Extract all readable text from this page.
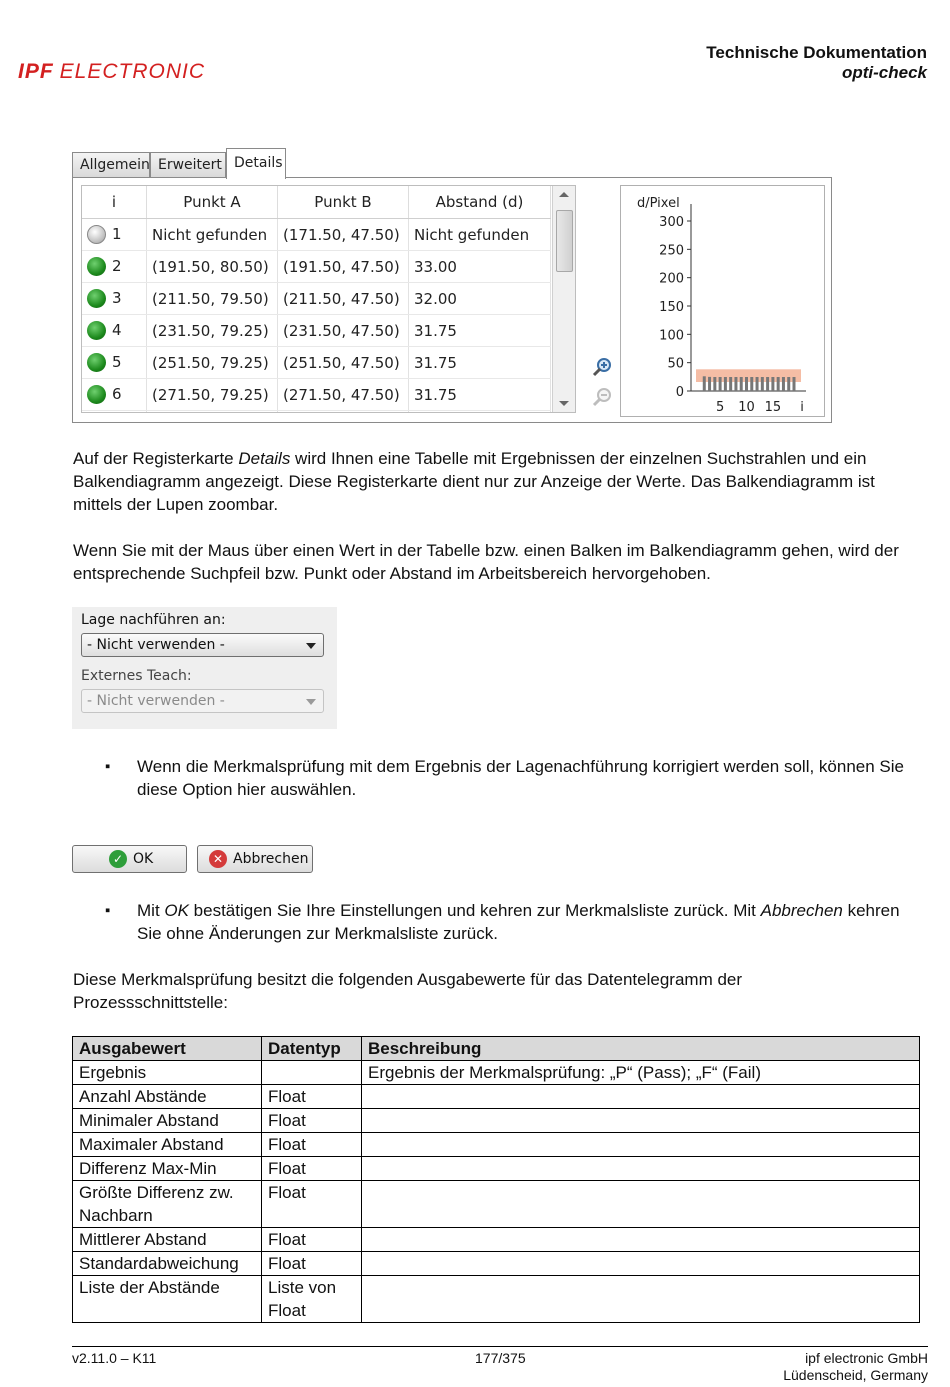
IPF ELECTRONIC
Technische Dokumentation
opti-check
Allgemein Erweitert Details
i	Punkt A	Punkt B	Abstand (d)
1	Nicht gefunden	(171.50, 47.50)	Nicht gefunden
2	(191.50, 80.50)	(191.50, 47.50)	33.00
3	(211.50, 79.50)	(211.50, 47.50)	32.00
4	(231.50, 79.25)	(231.50, 47.50)	31.75
5	(251.50, 79.25)	(251.50, 47.50)	31.75
6	(271.50, 79.25)	(271.50, 47.50)	31.75

d/Pixel
0
50
100
150
200
250
300
5 10 15 i
Auf der Registerkarte Details wird Ihnen eine Tabelle mit Ergebnissen der einzelnen Suchstrahlen und ein Balkendiagramm angezeigt. Diese Registerkarte dient nur zur Anzeige der Werte. Das Balkendiagramm ist mittels der Lupen zoombar.
Wenn Sie mit der Maus über einen Wert in der Tabelle bzw. einen Balken im Balkendiagramm gehen, wird der entsprechende Suchpfeil bzw. Punkt oder Abstand im Arbeitsbereich hervorgehoben.
Lage nachführen an:
- Nicht verwenden -
Externes Teach:
- Nicht verwenden -
▪ Wenn die Merkmalsprüfung mit dem Ergebnis der Lagenachführung korrigiert werden soll, können Sie diese Option hier auswählen.
✓ OK	✕ Abbrechen
▪ Mit OK bestätigen Sie Ihre Einstellungen und kehren zur Merkmalsliste zurück. Mit Abbrechen kehren Sie ohne Änderungen zur Merkmalsliste zurück.
Diese Merkmalsprüfung besitzt die folgenden Ausgabewerte für das Datentelegramm der Prozessschnittstelle:
Ausgabewert	Datentyp	Beschreibung
Ergebnis		Ergebnis der Merkmalsprüfung: „P“ (Pass); „F“ (Fail)
Anzahl Abstände	Float	
Minimaler Abstand	Float	
Maximaler Abstand	Float	
Differenz Max-Min	Float	
Größte Differenz zw. Nachbarn	Float	
Mittlerer Abstand	Float	
Standardabweichung	Float	
Liste der Abstände	Liste von Float	
v2.11.0 – K11	177/375	ipf electronic GmbH
Lüdenscheid, Germany
